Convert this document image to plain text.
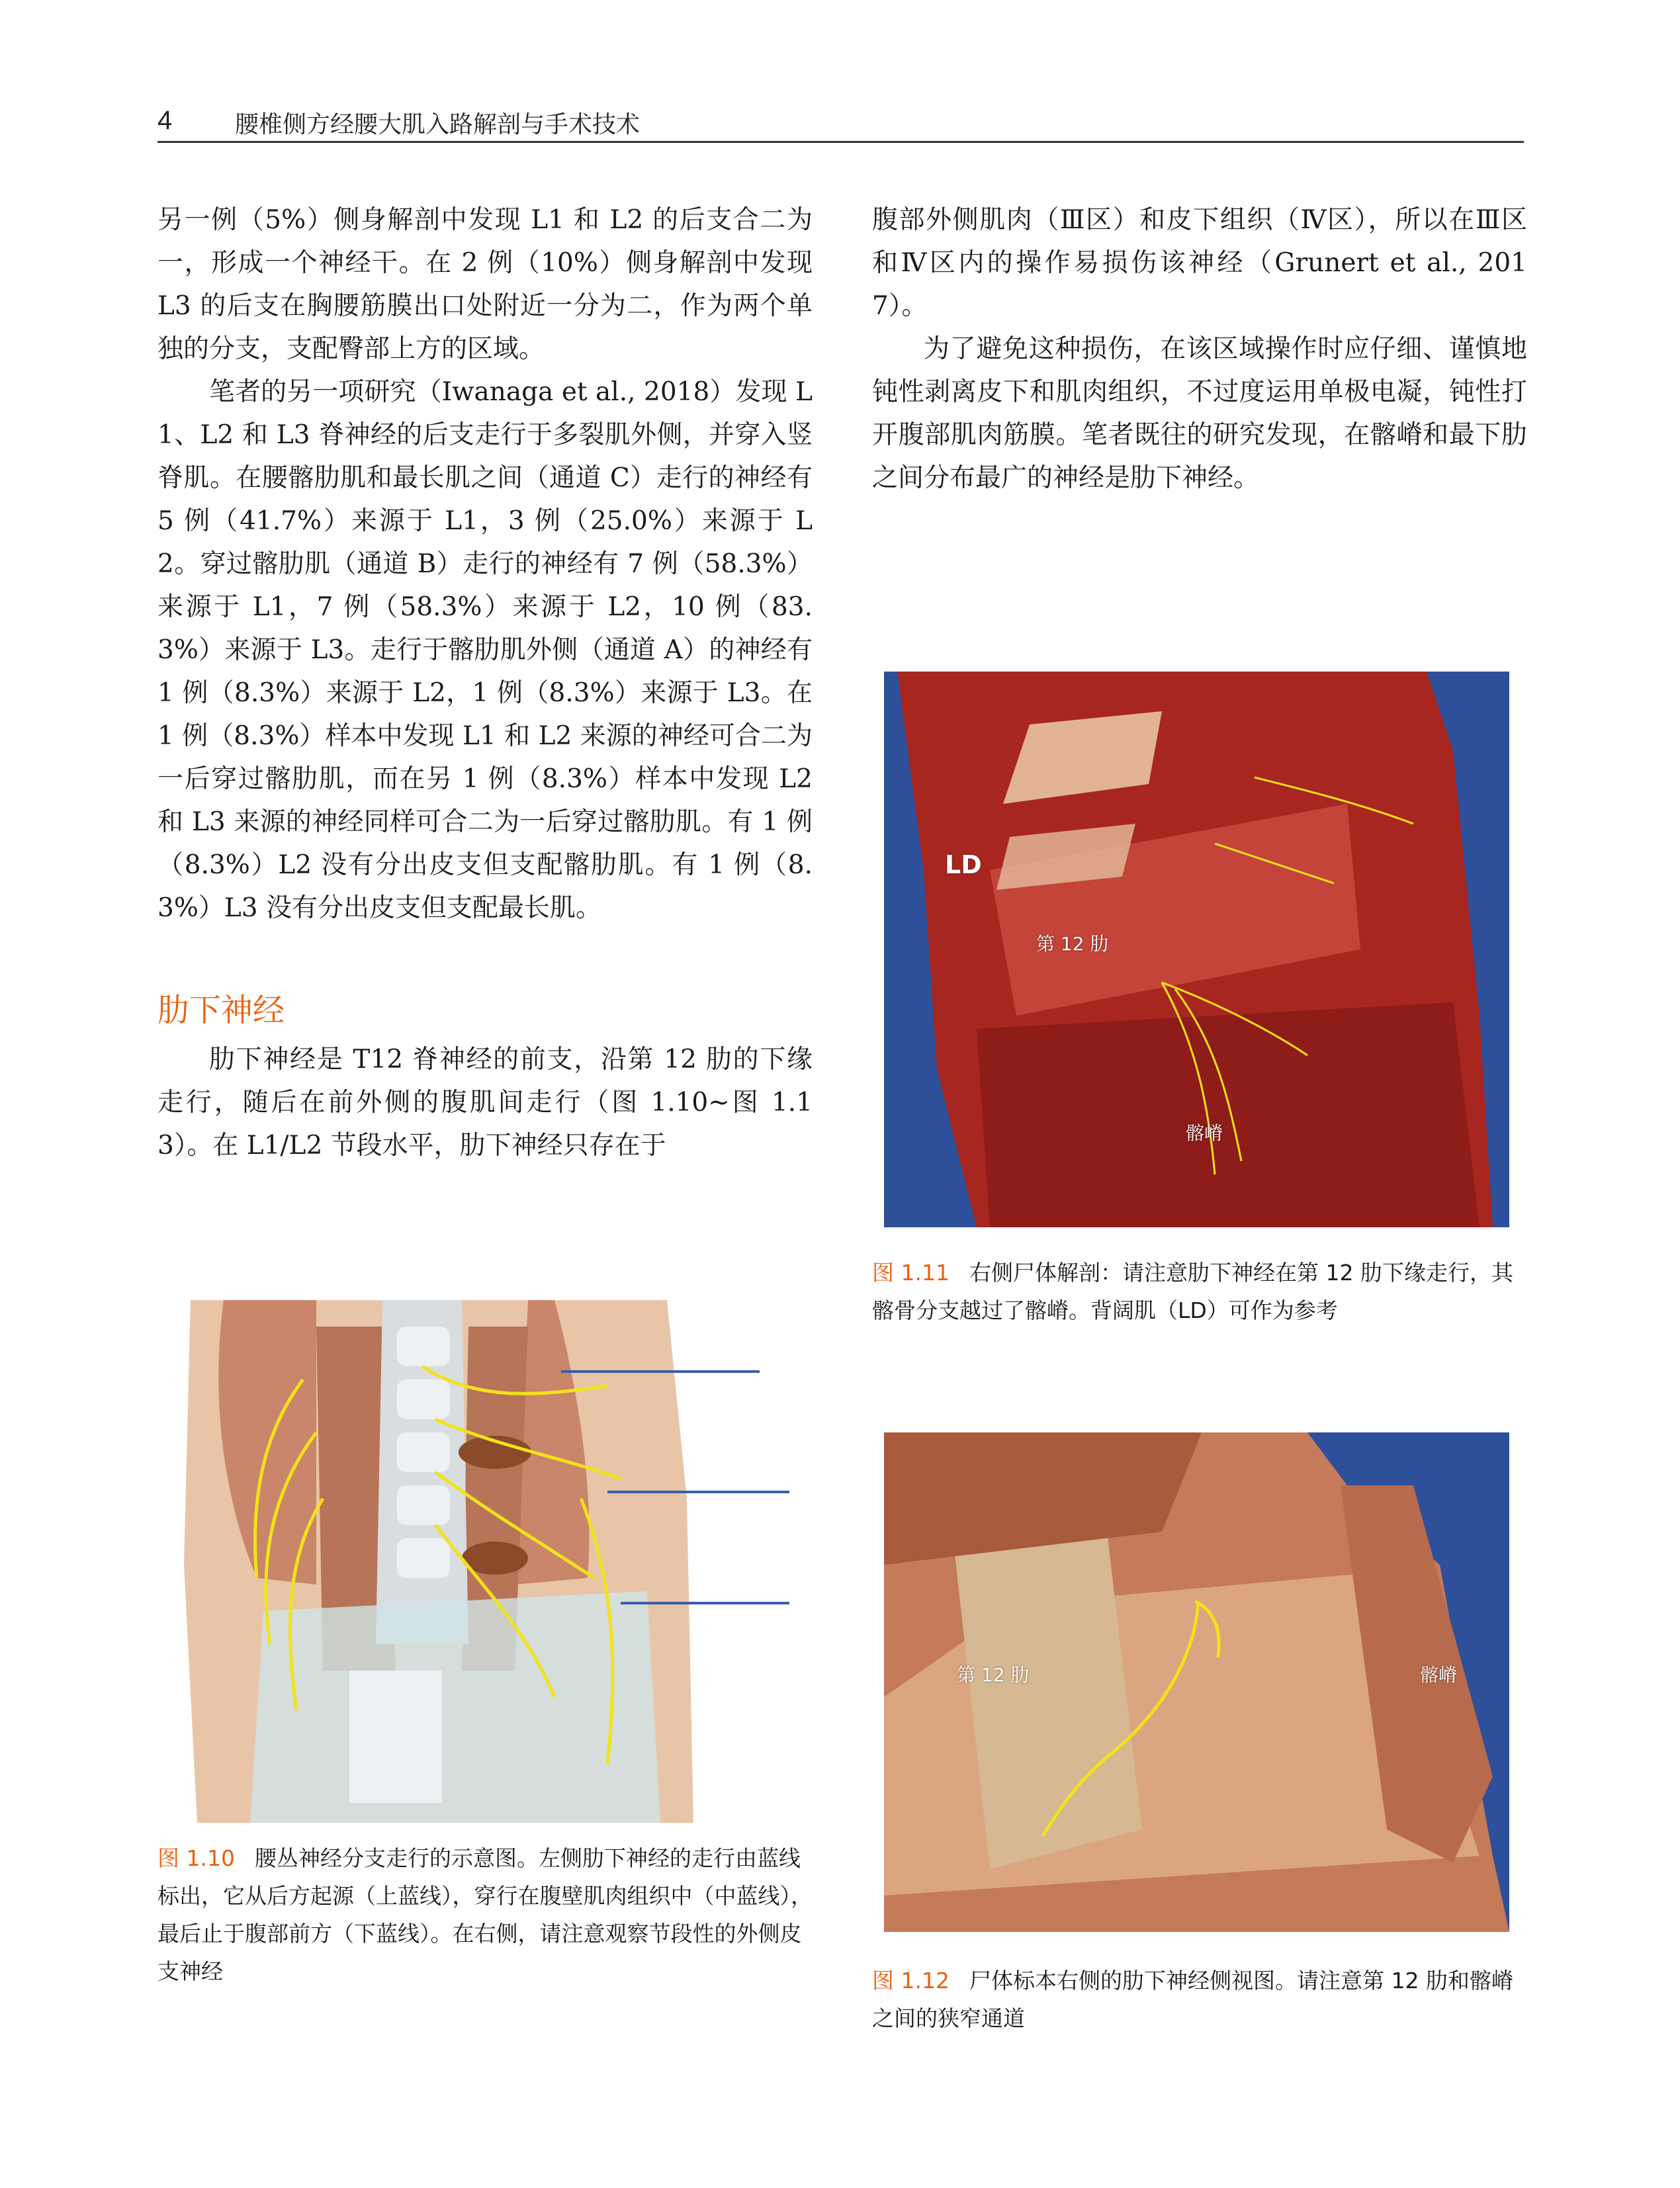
4	腰椎侧方经腰大肌入路解剖与手术技术

另一例（5%）侧身解剖中发现 L1 和 L2 的后支合二为一，形成一个神经干。在 2 例（10%）侧身解剖中发现 L3 的后支在胸腰筋膜出口处附近一分为二，作为两个单独的分支，支配臀部上方的区域。

笔者的另一项研究（Iwanaga et al., 2018）发现 L1、L2 和 L3 脊神经的后支走行于多裂肌外侧，并穿入竖脊肌。在腰髂肋肌和最长肌之间（通道 C）走行的神经有 5 例（41.7%）来源于 L1，3 例（25.0%）来源于 L2。穿过髂肋肌（通道 B）走行的神经有 7 例（58.3%）来源于 L1，7 例（58.3%）来源于 L2，10 例（83.3%）来源于 L3。走行于髂肋肌外侧（通道 A）的神经有 1 例（8.3%）来源于 L2，1 例（8.3%）来源于 L3。在 1 例（8.3%）样本中发现 L1 和 L2 来源的神经可合二为一后穿过髂肋肌，而在另 1 例（8.3%）样本中发现 L2 和 L3 来源的神经同样可合二为一后穿过髂肋肌。有 1 例（8.3%）L2 没有分出皮支但支配髂肋肌。有 1 例（8.3%）L3 没有分出皮支但支配最长肌。

肋下神经

肋下神经是 T12 脊神经的前支，沿第 12 肋的下缘走行，随后在前外侧的腹肌间走行（图 1.10~图 1.13）。在 L1/L2 节段水平，肋下神经只存在于

腹部外侧肌肉（Ⅲ区）和皮下组织（Ⅳ区），所以在Ⅲ区和Ⅳ区内的操作易损伤该神经（Grunert et al., 2017）。

为了避免这种损伤，在该区域操作时应仔细、谨慎地钝性剥离皮下和肌肉组织，不过度运用单极电凝，钝性打开腹部肌肉筋膜。笔者既往的研究发现，在髂嵴和最下肋之间分布最广的神经是肋下神经。

图 1.10 腰丛神经分支走行的示意图。左侧肋下神经的走行由蓝线标出，它从后方起源（上蓝线），穿行在腹壁肌肉组织中（中蓝线），最后止于腹部前方（下蓝线）。在右侧，请注意观察节段性的外侧皮支神经
LD
第 12 肋
髂嵴
图 1.11 右侧尸体解剖：请注意肋下神经在第 12 肋下缘走行，其髂骨分支越过了髂嵴。背阔肌（LD）可作为参考
第 12 肋	髂嵴
图 1.12 尸体标本右侧的肋下神经侧视图。请注意第 12 肋和髂嵴之间的狭窄通道
